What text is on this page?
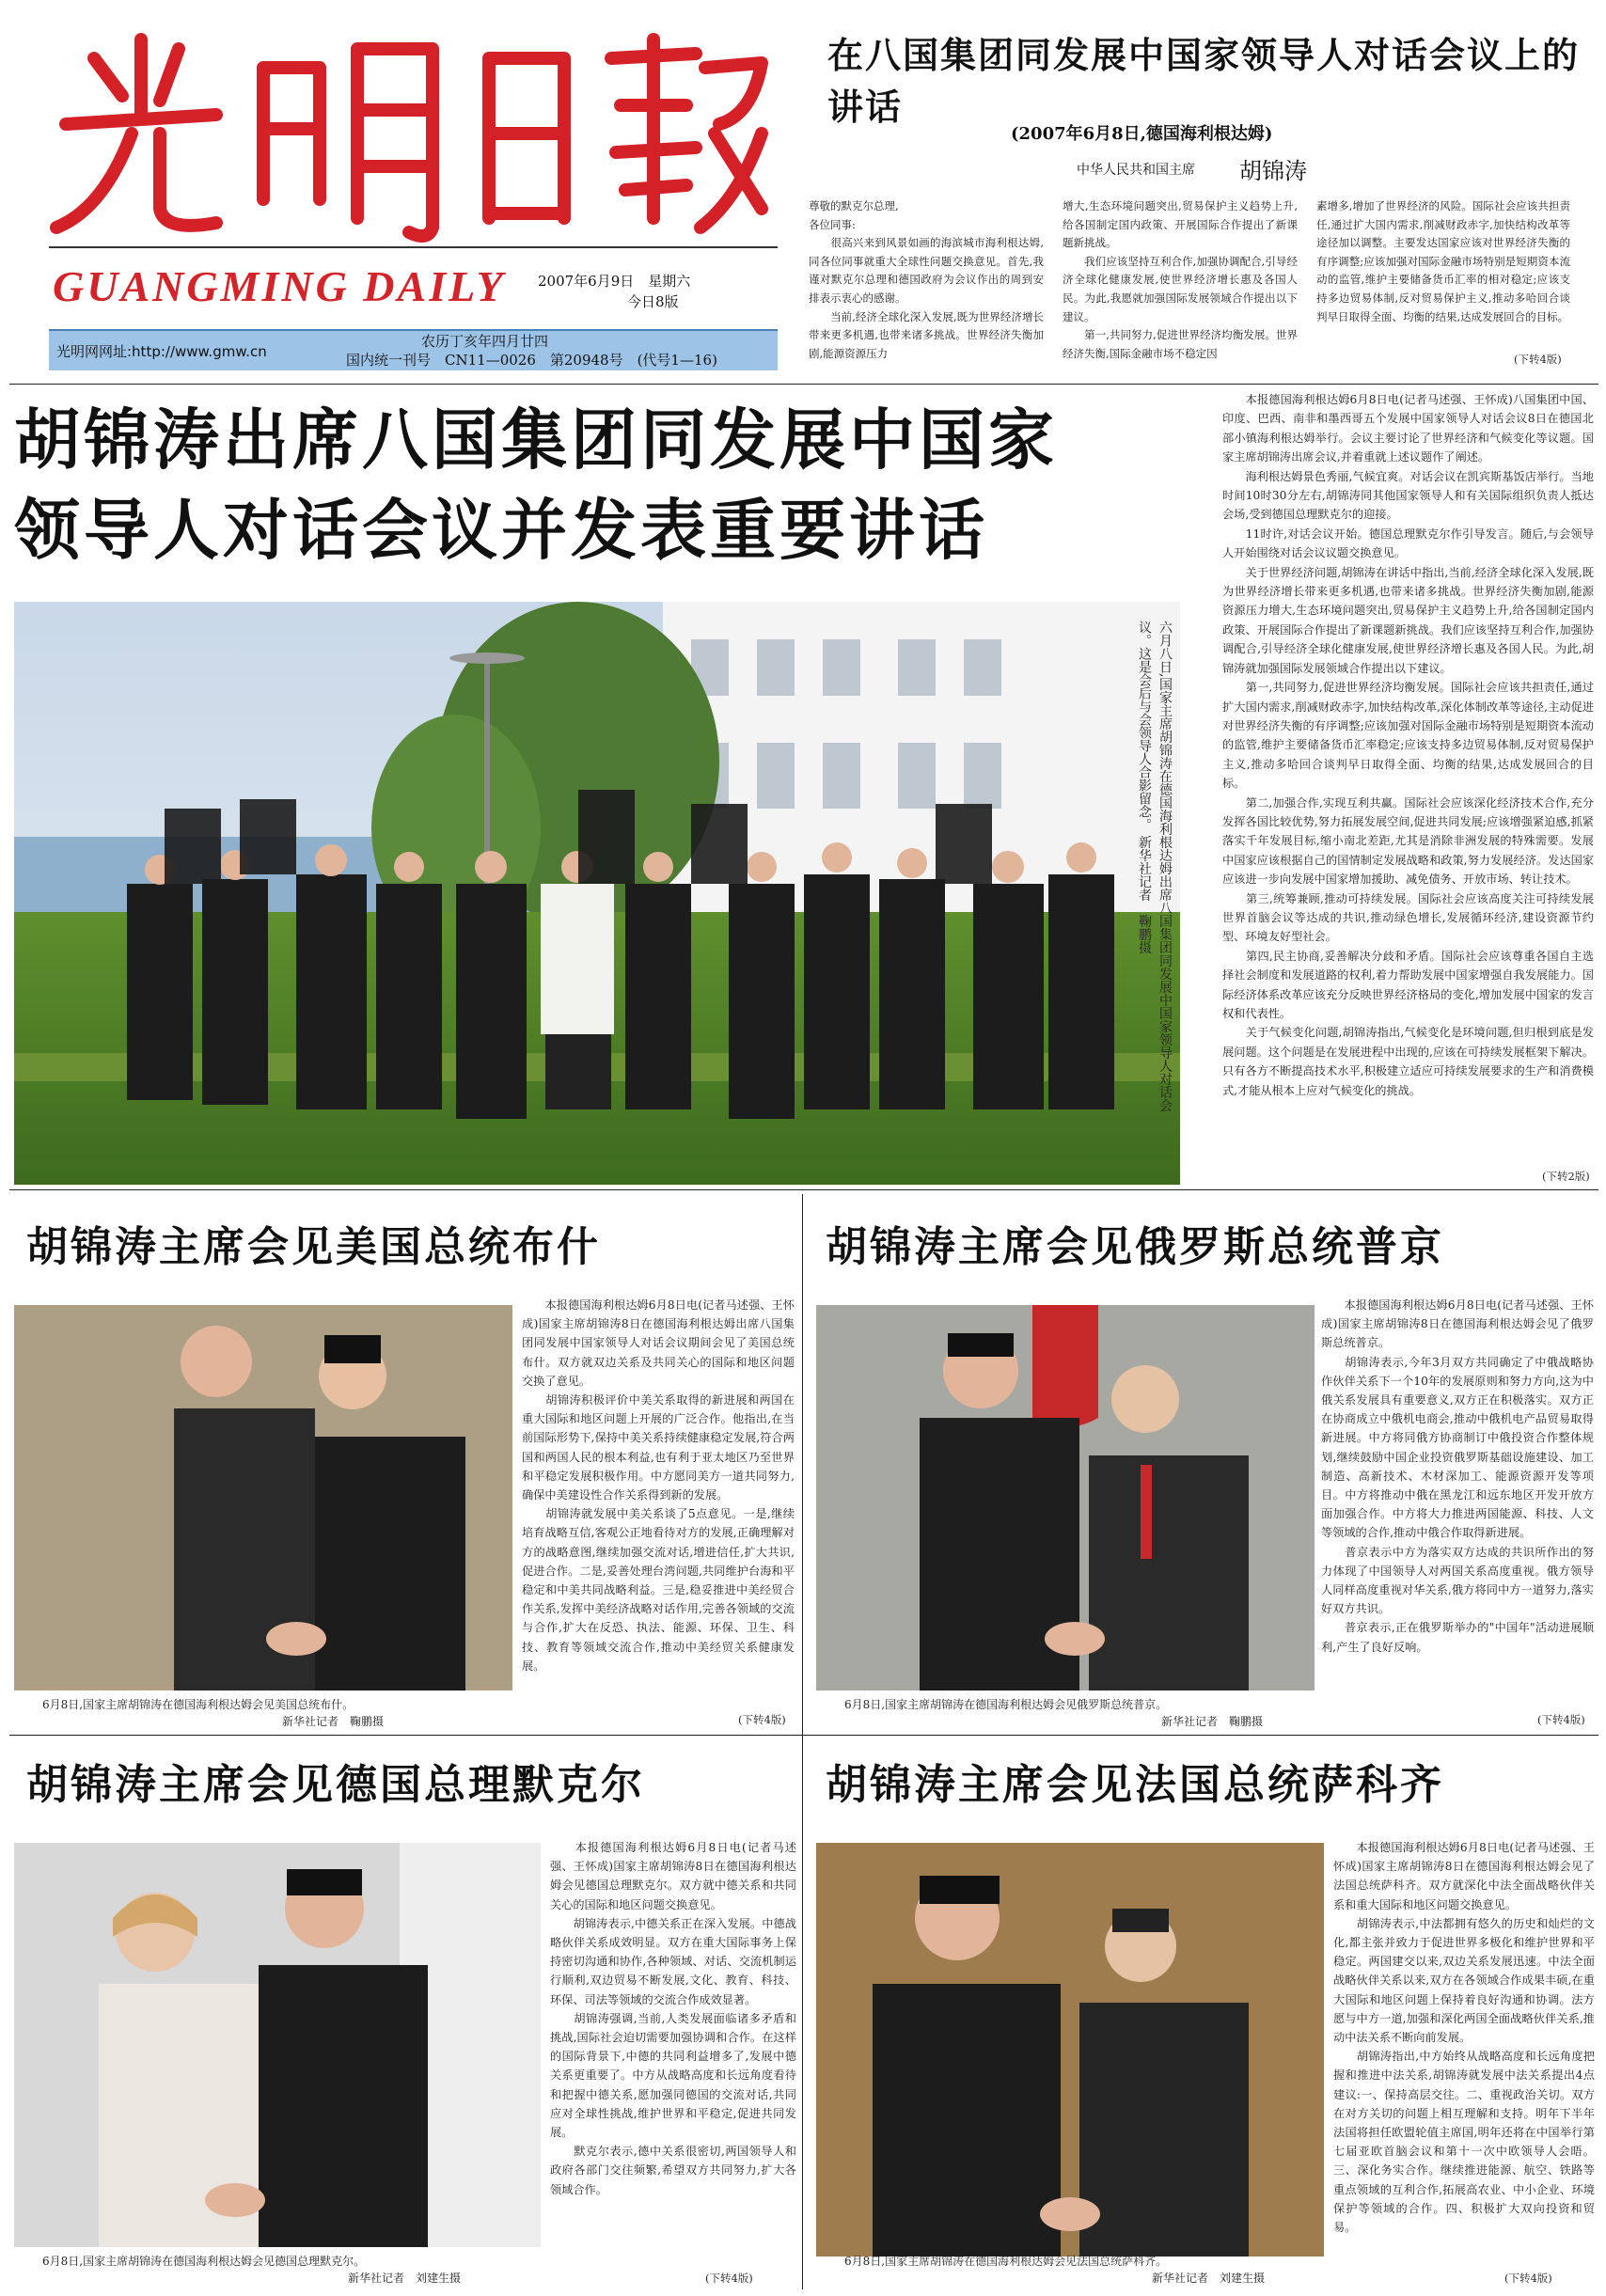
GUANGMING DAILY 2007年6月9日　星期六
今日8版
光明网网址:http://www.gmw.cn
农历丁亥年四月廿四
国内统一刊号　CN11—0026　第20948号　(代号1—16)
在八国集团同发展中国家领导人对话会议上的讲话
(2007年6月8日,德国海利根达姆)
中华人民共和国主席 胡锦涛
尊敬的默克尔总理,
各位同事:
　　很高兴来到风景如画的海滨城市海利根达姆,同各位同事就重大全球性问题交换意见。首先,我谨对默克尔总理和德国政府为会议作出的周到安排表示衷心的感谢。
　　当前,经济全球化深入发展,既为世界经济增长带来更多机遇,也带来诸多挑战。世界经济失衡加剧,能源资源压力
增大,生态环境问题突出,贸易保护主义趋势上升,给各国制定国内政策、开展国际合作提出了新课题新挑战。
　　我们应该坚持互利合作,加强协调配合,引导经济全球化健康发展,使世界经济增长惠及各国人民。为此,我愿就加强国际发展领域合作提出以下建议。
　　第一,共同努力,促进世界经济均衡发展。世界经济失衡,国际金融市场不稳定因
素增多,增加了世界经济的风险。国际社会应该共担责任,通过扩大国内需求,削减财政赤字,加快结构改革等途径加以调整。主要发达国家应该对世界经济失衡的有序调整;应该加强对国际金融市场特别是短期资本流动的监管,维护主要储备货币汇率的相对稳定;应该支持多边贸易体制,反对贸易保护主义,推动多哈回合谈判早日取得全面、均衡的结果,达成发展回合的目标。
(下转4版)
胡锦涛出席八国集团同发展中国家
领导人对话会议并发表重要讲话
六月八日,国家主席胡锦涛在德国海利根达姆出席八国集团同发展中国家领导人对话会议。这是会后与会领导人合影留念。 新华社记者　鞠鹏摄
　　本报德国海利根达姆6月8日电(记者马述强、王怀成)八国集团中国、印度、巴西、南非和墨西哥五个发展中国家领导人对话会议8日在德国北部小镇海利根达姆举行。会议主要讨论了世界经济和气候变化等议题。国家主席胡锦涛出席会议,并着重就上述议题作了阐述。
　　海利根达姆景色秀丽,气候宜爽。对话会议在凯宾斯基饭店举行。当地时间10时30分左右,胡锦涛同其他国家领导人和有关国际组织负责人抵达会场,受到德国总理默克尔的迎接。
　　11时许,对话会议开始。德国总理默克尔作引导发言。随后,与会领导人开始围绕对话会议议题交换意见。
　　关于世界经济问题,胡锦涛在讲话中指出,当前,经济全球化深入发展,既为世界经济增长带来更多机遇,也带来诸多挑战。世界经济失衡加剧,能源资源压力增大,生态环境问题突出,贸易保护主义趋势上升,给各国制定国内政策、开展国际合作提出了新课题新挑战。我们应该坚持互利合作,加强协调配合,引导经济全球化健康发展,使世界经济增长惠及各国人民。为此,胡锦涛就加强国际发展领域合作提出以下建议。
　　第一,共同努力,促进世界经济均衡发展。国际社会应该共担责任,通过扩大国内需求,削减财政赤字,加快结构改革,深化体制改革等途径,主动促进对世界经济失衡的有序调整;应该加强对国际金融市场特别是短期资本流动的监管,维护主要储备货币汇率稳定;应该支持多边贸易体制,反对贸易保护主义,推动多哈回合谈判早日取得全面、均衡的结果,达成发展回合的目标。
　　第二,加强合作,实现互利共赢。国际社会应该深化经济技术合作,充分发挥各国比较优势,努力拓展发展空间,促进共同发展;应该增强紧迫感,抓紧落实千年发展目标,缩小南北差距,尤其是消除非洲发展的特殊需要。发展中国家应该根据自己的国情制定发展战略和政策,努力发展经济。发达国家应该进一步向发展中国家增加援助、减免债务、开放市场、转让技术。
　　第三,统筹兼顾,推动可持续发展。国际社会应该高度关注可持续发展世界首脑会议等达成的共识,推动绿色增长,发展循环经济,建设资源节约型、环境友好型社会。
　　第四,民主协商,妥善解决分歧和矛盾。国际社会应该尊重各国自主选择社会制度和发展道路的权利,着力帮助发展中国家增强自我发展能力。国际经济体系改革应该充分反映世界经济格局的变化,增加发展中国家的发言权和代表性。
　　关于气候变化问题,胡锦涛指出,气候变化是环境问题,但归根到底是发展问题。这个问题是在发展进程中出现的,应该在可持续发展框架下解决。只有各方不断提高技术水平,积极建立适应可持续发展要求的生产和消费模式,才能从根本上应对气候变化的挑战。
(下转2版)
胡锦涛主席会见美国总统布什
6月8日,国家主席胡锦涛在德国海利根达姆会见美国总统布什。
新华社记者　鞠鹏摄
　　本报德国海利根达姆6月8日电(记者马述强、王怀成)国家主席胡锦涛8日在德国海利根达姆出席八国集团同发展中国家领导人对话会议期间会见了美国总统布什。双方就双边关系及共同关心的国际和地区问题交换了意见。
　　胡锦涛积极评价中美关系取得的新进展和两国在重大国际和地区问题上开展的广泛合作。他指出,在当前国际形势下,保持中美关系持续健康稳定发展,符合两国和两国人民的根本利益,也有利于亚太地区乃至世界和平稳定发展积极作用。中方愿同美方一道共同努力,确保中美建设性合作关系得到新的发展。
　　胡锦涛就发展中美关系谈了5点意见。一是,继续培育战略互信,客观公正地看待对方的发展,正确理解对方的战略意图,继续加强交流对话,增进信任,扩大共识,促进合作。二是,妥善处理台湾问题,共同维护台海和平稳定和中美共同战略利益。三是,稳妥推进中美经贸合作关系,发挥中美经济战略对话作用,完善各领域的交流与合作,扩大在反恐、执法、能源、环保、卫生、科技、教育等领域交流合作,推动中美经贸关系健康发展。
(下转4版)
胡锦涛主席会见俄罗斯总统普京
6月8日,国家主席胡锦涛在德国海利根达姆会见俄罗斯总统普京。
新华社记者　鞠鹏摄
　　本报德国海利根达姆6月8日电(记者马述强、王怀成)国家主席胡锦涛8日在德国海利根达姆会见了俄罗斯总统普京。
　　胡锦涛表示,今年3月双方共同确定了中俄战略协作伙伴关系下一个10年的发展原则和努力方向,这为中俄关系发展具有重要意义,双方正在积极落实。双方正在协商成立中俄机电商会,推动中俄机电产品贸易取得新进展。中方将同俄方协商制订中俄投资合作整体规划,继续鼓励中国企业投资俄罗斯基础设施建设、加工制造、高新技术、木材深加工、能源资源开发等项目。中方将推动中俄在黑龙江和远东地区开发开放方面加强合作。中方将大力推进两国能源、科技、人文等领域的合作,推动中俄合作取得新进展。
　　普京表示中方为落实双方达成的共识所作出的努力体现了中国领导人对两国关系高度重视。俄方领导人同样高度重视对华关系,俄方将同中方一道努力,落实好双方共识。
　　普京表示,正在俄罗斯举办的"中国年"活动进展顺利,产生了良好反响。
(下转4版)
胡锦涛主席会见德国总理默克尔
6月8日,国家主席胡锦涛在德国海利根达姆会见德国总理默克尔。
新华社记者　刘建生摄
　　本报德国海利根达姆6月8日电(记者马述强、王怀成)国家主席胡锦涛8日在德国海利根达姆会见德国总理默克尔。双方就中德关系和共同关心的国际和地区问题交换意见。
　　胡锦涛表示,中德关系正在深入发展。中德战略伙伴关系成效明显。双方在重大国际事务上保持密切沟通和协作,各种领域、对话、交流机制运行顺利,双边贸易不断发展,文化、教育、科技、环保、司法等领域的交流合作成效显著。
　　胡锦涛强调,当前,人类发展面临诸多矛盾和挑战,国际社会迫切需要加强协调和合作。在这样的国际背景下,中德的共同利益增多了,发展中德关系更重要了。中方从战略高度和长远角度看待和把握中德关系,愿加强同德国的交流对话,共同应对全球性挑战,维护世界和平稳定,促进共同发展。
　　默克尔表示,德中关系很密切,两国领导人和政府各部门交往频繁,希望双方共同努力,扩大各领域合作。
(下转4版)
胡锦涛主席会见法国总统萨科齐
6月8日,国家主席胡锦涛在德国海利根达姆会见法国总统萨科齐。
新华社记者　刘建生摄
　　本报德国海利根达姆6月8日电(记者马述强、王怀成)国家主席胡锦涛8日在德国海利根达姆会见了法国总统萨科齐。双方就深化中法全面战略伙伴关系和重大国际和地区问题交换意见。
　　胡锦涛表示,中法都拥有悠久的历史和灿烂的文化,都主张并致力于促进世界多极化和维护世界和平稳定。两国建交以来,双边关系发展迅速。中法全面战略伙伴关系以来,双方在各领域合作成果丰硕,在重大国际和地区问题上保持着良好沟通和协调。法方愿与中方一道,加强和深化两国全面战略伙伴关系,推动中法关系不断向前发展。
　　胡锦涛指出,中方始终从战略高度和长远角度把握和推进中法关系,胡锦涛就发展中法关系提出4点建议:一、保持高层交往。二、重视政治关切。双方在对方关切的问题上相互理解和支持。明年下半年法国将担任欧盟轮值主席国,明年还将在中国举行第七届亚欧首脑会议和第十一次中欧领导人会晤。三、深化务实合作。继续推进能源、航空、铁路等重点领域的互利合作,拓展高农业、中小企业、环境保护等领域的合作。四、积极扩大双向投资和贸易。
(下转4版)
